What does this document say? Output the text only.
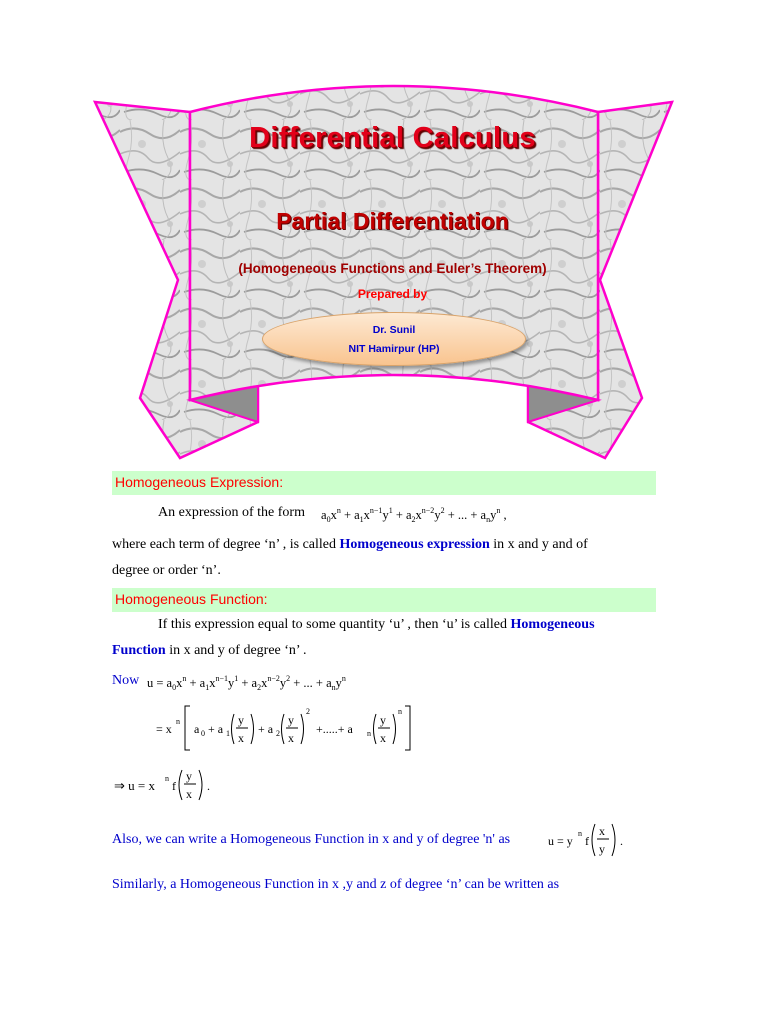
Differential Calculus
Partial Differentiation
(Homogeneous Functions and Euler’s Theorem)
Prepared by
Dr. Sunil
NIT Hamirpur (HP)
Homogeneous Expression:
An expression of the form $a_0x^n + a_1x^{n-1}y^1 + a_2x^{n-2}y^2$ + ... + $a_ny^n$ ,
where each term of degree ‘n’ , is called Homogeneous expression in x and y and of
degree or order ‘n’.
Homogeneous Function:
If this expression equal to some quantity ‘u’ , then ‘u’ is called Homogeneous
Function in x and y of degree ‘n’ .
Now $u = a_0x^n + a_1x^{n-1}y^1 + a_2x^{n-2}y^2$ + ... + $a_ny^n$
= x
n
a 0 + a 1
y
x
+ a 2
y
x
2
+.....+ a n
y
x
n
⇒ u = x n
f
y
x
.
Also, we can write a Homogeneous Function in x and y of degree 'n' as	u = y
n
f
x
y
.
Similarly, a Homogeneous Function in x ,y and z of degree ‘n’ can be written as
